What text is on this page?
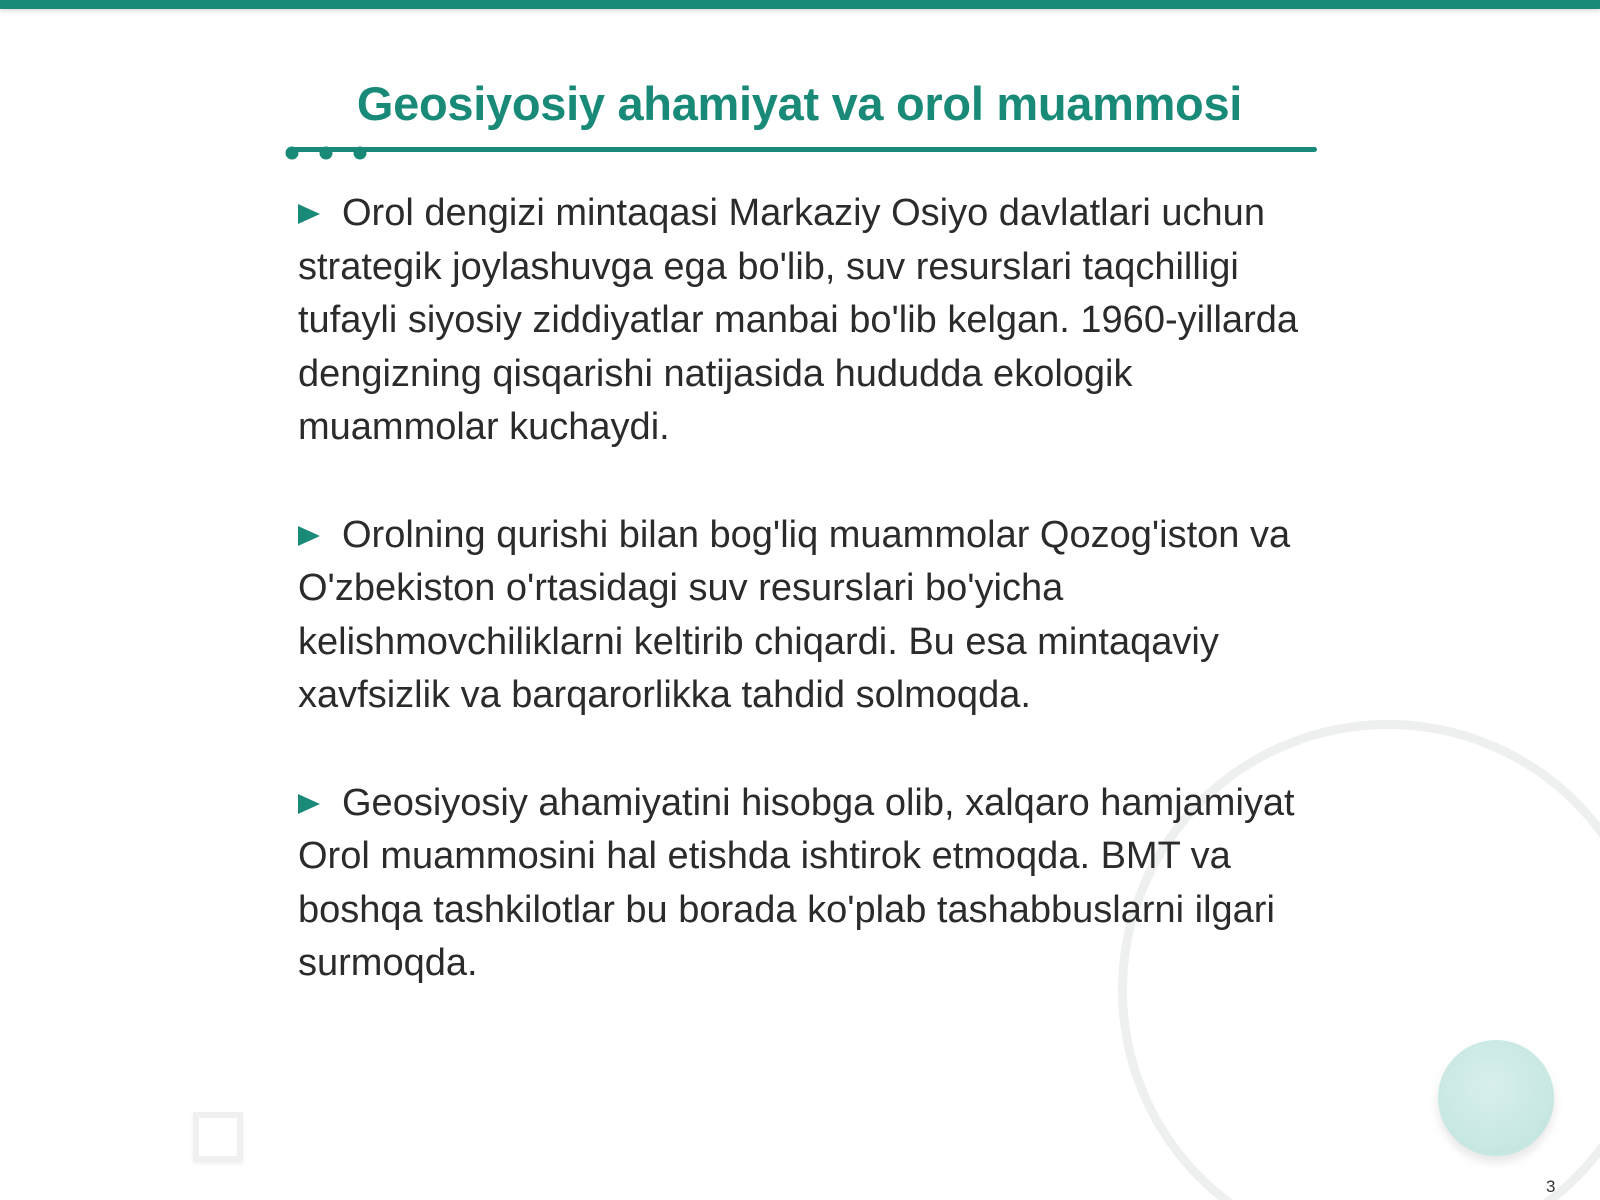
Geosiyosiy ahamiyat va orol muammosi

Orol dengizi mintaqasi Markaziy Osiyo davlatlari uchun strategik joylashuvga ega bo'lib, suv resurslari taqchilligi tufayli siyosiy ziddiyatlar manbai bo'lib kelgan. 1960-yillarda dengizning qisqarishi natijasida hududda ekologik muammolar kuchaydi.

Orolning qurishi bilan bog'liq muammolar Qozog'iston va O'zbekiston o'rtasidagi suv resurslari bo'yicha kelishmovchiliklarni keltirib chiqardi. Bu esa mintaqaviy xavfsizlik va barqarorlikka tahdid solmoqda.

Geosiyosiy ahamiyatini hisobga olib, xalqaro hamjamiyat Orol muammosini hal etishda ishtirok etmoqda. BMT va boshqa tashkilotlar bu borada ko'plab tashabbuslarni ilgari surmoqda.

3
